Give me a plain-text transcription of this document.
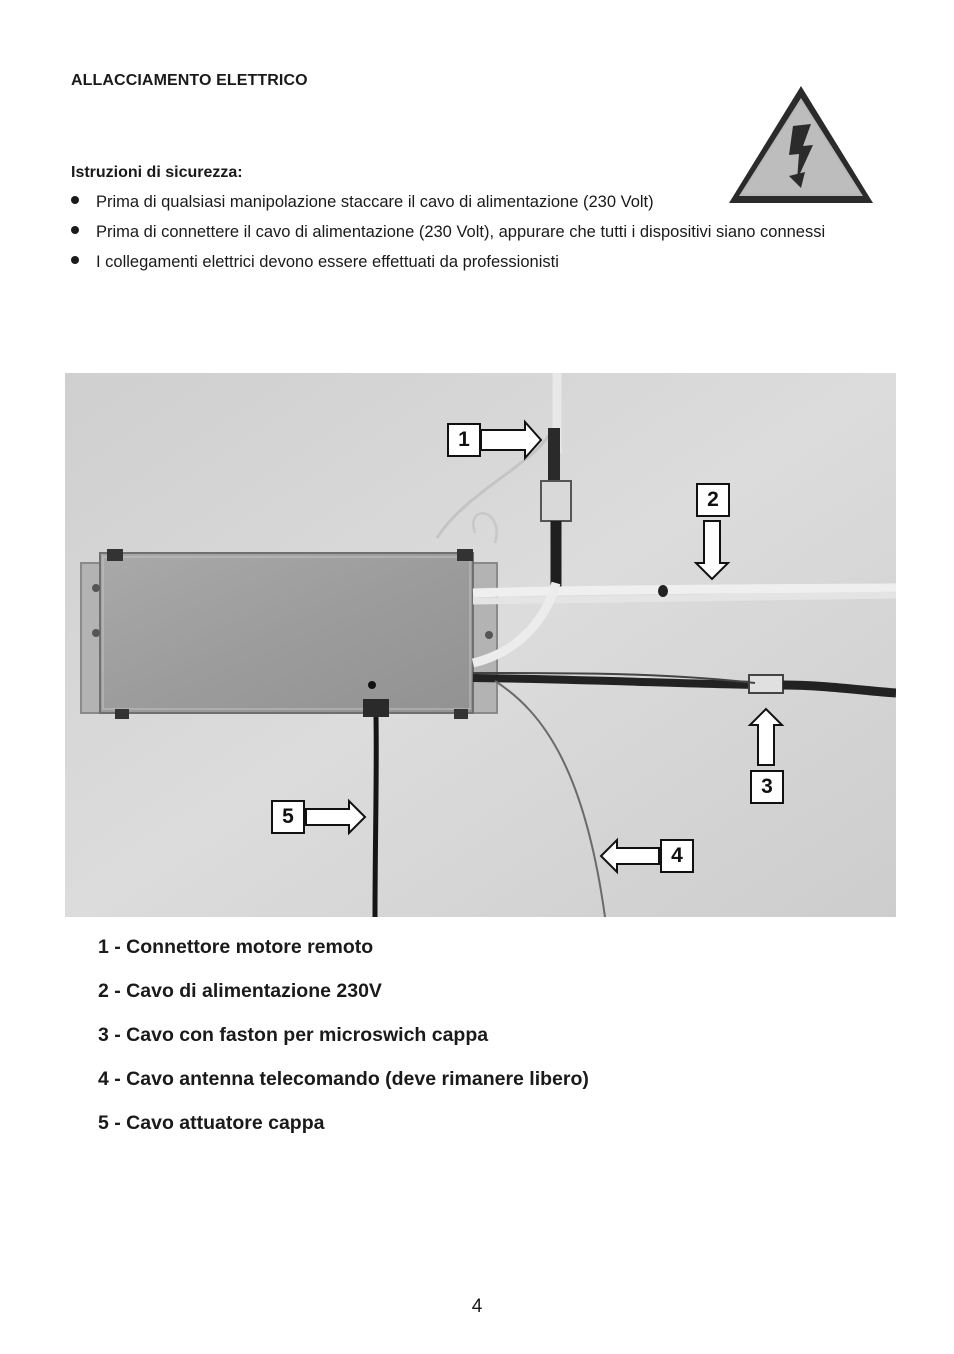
ALLACCIAMENTO ELETTRICO
Istruzioni di sicurezza:
Prima di qualsiasi manipolazione staccare il cavo di alimentazione (230 Volt)
Prima di connettere il cavo di alimentazione (230 Volt), appurare che tutti i dispositivi siano connessi
I collegamenti elettrici devono essere effettuati da professionisti
1
2
3
4
5
1 - Connettore motore remoto
2 - Cavo di alimentazione 230V
3 - Cavo con faston per microswich cappa
4 - Cavo antenna telecomando (deve rimanere libero)
5 - Cavo attuatore cappa
4
